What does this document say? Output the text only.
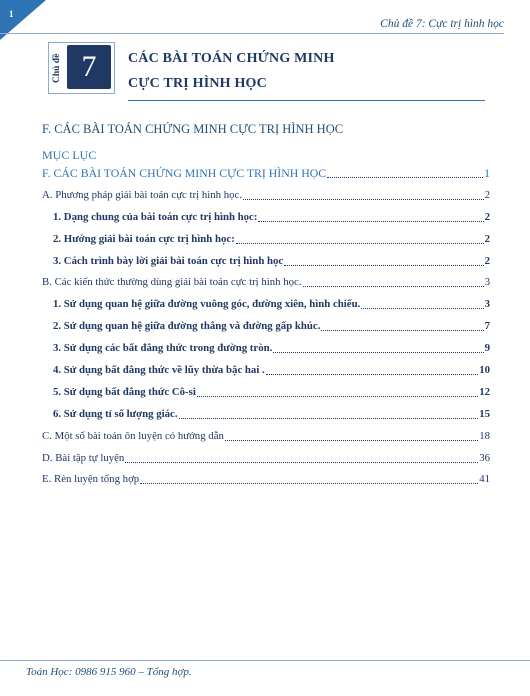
1
Chủ đề 7: Cực trị hình học
Chủ đề 7	CÁC BÀI TOÁN CHỨNG MINH
CỰC TRỊ HÌNH HỌC
F. CÁC BÀI TOÁN CHỨNG MINH CỰC TRỊ HÌNH HỌC
MỤC LỤC
F. CÁC BÀI TOÁN CHỨNG MINH CỰC TRỊ HÌNH HỌC	1
A. Phương pháp giải bài toán cực trị hình học.	2
1. Dạng chung của bài toán cực trị hình học:	2
2. Hướng giải bài toán cực trị hình học:	2
3. Cách trình bày lời giải bài toán cực trị hình học	2
B. Các kiến thức thường dùng giải bài toán cực trị hình học.	3
1. Sử dụng quan hệ giữa đường vuông góc, đường xiên, hình chiếu.	3
2. Sử dụng quan hệ giữa đường thẳng và đường gấp khúc.	7
3. Sử dụng các bất đẳng thức trong đường tròn.	9
4. Sử dụng bất đẳng thức về lũy thừa bậc hai .	10
5. Sử dụng bất đẳng thức Cô-si	12
6. Sử dụng tỉ số lượng giác.	15
C. Một số bài toán ôn luyện có hướng dẫn	18
D. Bài tập tự luyện	36
E. Rèn luyện tổng hợp	41
Toán Học: 0986 915 960 – Tổng hợp.
